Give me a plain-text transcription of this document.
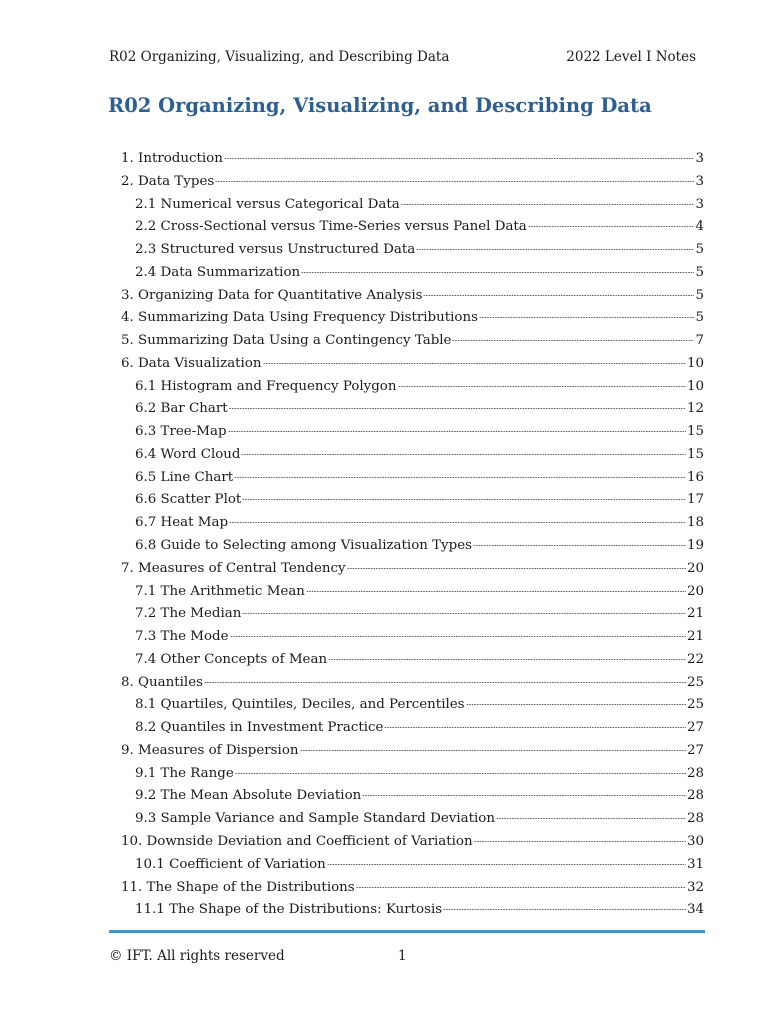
R02 Organizing, Visualizing, and Describing Data	2022 Level I Notes
R02 Organizing, Visualizing, and Describing Data
1. Introduction	3
2. Data Types	3
2.1 Numerical versus Categorical Data	3
2.2 Cross-Sectional versus Time-Series versus Panel Data	4
2.3 Structured versus Unstructured Data	5
2.4 Data Summarization	5
3. Organizing Data for Quantitative Analysis	5
4. Summarizing Data Using Frequency Distributions	5
5. Summarizing Data Using a Contingency Table	7
6. Data Visualization	10
6.1 Histogram and Frequency Polygon	10
6.2 Bar Chart	12
6.3 Tree-Map	15
6.4 Word Cloud	15
6.5 Line Chart	16
6.6 Scatter Plot	17
6.7 Heat Map	18
6.8 Guide to Selecting among Visualization Types	19
7. Measures of Central Tendency	20
7.1 The Arithmetic Mean	20
7.2 The Median	21
7.3 The Mode	21
7.4 Other Concepts of Mean	22
8. Quantiles	25
8.1 Quartiles, Quintiles, Deciles, and Percentiles	25
8.2 Quantiles in Investment Practice	27
9. Measures of Dispersion	27
9.1 The Range	28
9.2 The Mean Absolute Deviation	28
9.3 Sample Variance and Sample Standard Deviation	28
10. Downside Deviation and Coefficient of Variation	30
10.1 Coefficient of Variation	31
11. The Shape of the Distributions	32
11.1 The Shape of the Distributions: Kurtosis	34
© IFT. All rights reserved	1
